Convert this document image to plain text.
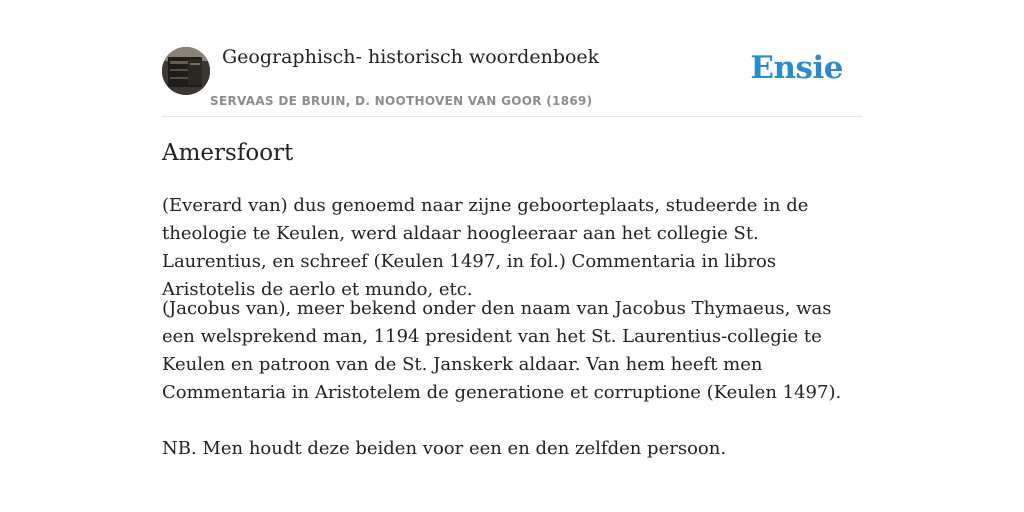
Geographisch- historisch woordenboek
SERVAAS DE BRUIN, D. NOOTHOVEN VAN GOOR (1869)
Ensie
Amersfoort

(Everard van) dus genoemd naar zijne geboorteplaats, studeerde in de theologie te Keulen, werd aldaar hoogleeraar aan het collegie St. Laurentius, en schreef (Keulen 1497, in fol.) Commentaria in libros Aristotelis de aerlo et mundo, etc.

(Jacobus van), meer bekend onder den naam van Jacobus Thymaeus, was een welsprekend man, 1194 president van het St. Laurentius-collegie te Keulen en patroon van de St. Janskerk aldaar. Van hem heeft men Commentaria in Aristotelem de generatione et corruptione (Keulen 1497).

NB. Men houdt deze beiden voor een en den zelfden persoon.
